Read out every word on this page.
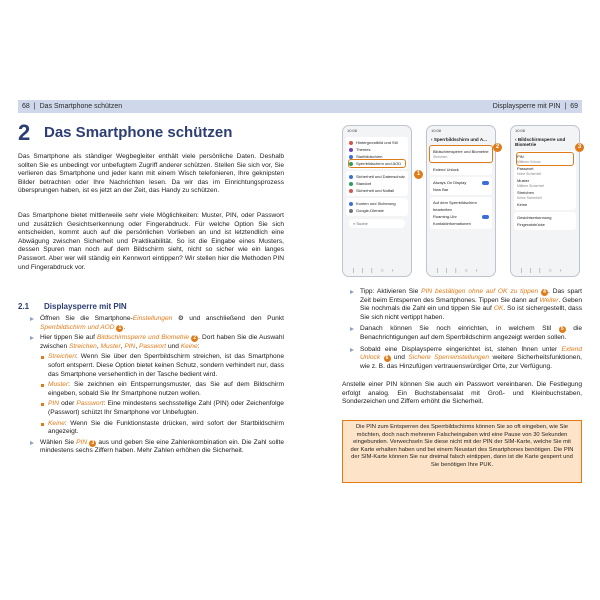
68 | Das Smartphone schützen
2 Das Smartphone schützen

Das Smartphone als ständiger Wegbegleiter enthält viele persönliche Daten. Deshalb sollten Sie es unbedingt vor unbefugtem Zugriff anderer schützen. Stellen Sie sich vor, Sie verlieren das Smartphone und jeder kann mit einem Wisch telefonieren, Ihre geknipsten Bilder betrachten oder Ihre Nachrichten lesen. Da wir das im Einrichtungsprozess übersprungen haben, ist es jetzt an der Zeit, das Handy zu schützen.

Das Smartphone bietet mittlerweile sehr viele Möglichkeiten: Muster, PIN, oder Passwort und zusätzlich Gesichtserkennung oder Fingerabdruck. Für welche Option Sie sich entscheiden, kommt auch auf die persönlichen Vorlieben an und ist letztendlich eine Abwägung zwischen Sicherheit und Praktikabilität. So ist die Eingabe eines Musters, dessen Spuren man noch auf dem Bildschirm sieht, nicht so sicher wie ein langes Passwort. Aber wer will ständig ein Kennwort eintippen? Wir stellen hier die Methoden PIN und Fingerabdruck vor.

2.1 Displaysperre mit PIN
Öffnen Sie die Smartphone-Einstellungen ⚙ und anschließend den Punkt Sperrbildschirm und AOD 1 .
Hier tippen Sie auf Bildschirmsperre und Biometrie 2 . Dort haben Sie die Auswahl zwischen Streichen, Muster, PIN, Passwort und Keine:
Streichen: Wenn Sie über den Sperrbildschirm streichen, ist das Smartphone sofort entsperrt. Diese Option bietet keinen Schutz, sondern verhindert nur, dass das Smartphone versehentlich in der Tasche bedient wird.
Muster: Sie zeichnen ein Entsperrungsmuster, das Sie auf dem Bildschirm eingeben, sobald Sie Ihr Smartphone nutzen wollen.
PIN oder Passwort: Eine mindestens sechsstellige Zahl (PIN) oder Zeichenfolge (Passwort) schützt Ihr Smartphone vor Unbefugten.
Keine: Wenn Sie die Funktionstaste drücken, wird sofort der Startbildschirm angezeigt.
Wählen Sie PIN 3 aus und geben Sie eine Zahlenkombination ein. Die Zahl sollte mindestens sechs Ziffern haben. Mehr Zahlen erhöhen die Sicherheit.
Displaysperre mit PIN | 69
10:08
Hintergrundbild und Stil
Themes
Startbildschirm
Sperrbildschirm und AOD
Sicherheit und Datenschutz
Standort
Sicherheit und Notfall
Konten und Sicherung
Google-Dienste
⌕ Suche
|||○‹
1
10:08
‹ Sperrbildschirm und A...
Bildschirmsperre und Biometrie
Streichen
Extend Unlock
Always On Display
Now Bar
Auf dem Sperrbildschirm bearbeiten
Roaming-Uhr
Kontaktinformationen
|||○‹
2
10:08
‹ Bildschirmsperre und Biometrie
PIN
Mittlerer Schutz
Passwort
Hohe Sicherheit
Muster
Mittlere Sicherheit
Streichen
Keine Sicherheit
Keine
Gesichtserkennung
Fingerabdrücke
|||○‹
3
Tipp: Aktivieren Sie PIN bestätigen ohne auf OK zu tippen 4 . Das spart Zeit beim Entsperren des Smartphones. Tippen Sie dann auf Weiter. Geben Sie nochmals die Zahl ein und tippen Sie auf OK. So ist sichergestellt, dass Sie sich nicht vertippt haben.
Danach können Sie noch einrichten, in welchem Stil 5 die Benachrichtigungen auf dem Sperrbildschirm angezeigt werden sollen.
Sobald eine Displaysperre eingerichtet ist, stehen Ihnen unter Extend Unlock 6 und Sichere Sperreinstellungen weitere Sicherheitsfunktionen, wie z. B. das Hinzufügen vertrauenswürdiger Orte, zur Verfügung.

Anstelle einer PIN können Sie auch ein Passwort vereinbaren. Die Festlegung erfolgt analog. Ein Buchstabensalat mit Groß- und Kleinbuchstaben, Sonderzeichen und Ziffern erhöht die Sicherheit.

Die PIN zum Entsperren des Sperrbildschirms können Sie so oft eingeben, wie Sie möchten, doch nach mehreren Falscheingaben wird eine Pause von 30 Sekunden eingebunden. Verwechseln Sie diese nicht mit der PIN der SIM-Karte, welche Sie mit der Karte erhalten haben und bei einem Neustart des Smartphones benötigen. Die PIN der SIM-Karte können Sie nur dreimal falsch eintippen, dann ist die Karte gesperrt und Sie benötigen Ihre PUK.
